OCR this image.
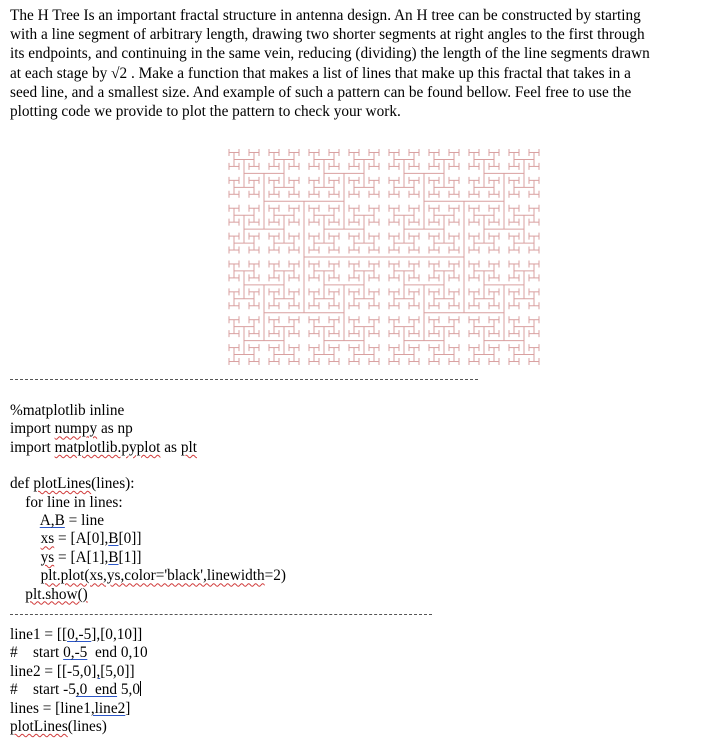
The H Tree Is an important fractal structure in antenna design. An H tree can be constructed by starting
with a line segment of arbitrary length, drawing two shorter segments at right angles to the first through
its endpoints, and continuing in the same vein, reducing (dividing) the length of the line segments drawn
at each stage by √2 . Make a function that makes a list of lines that make up this fractal that takes in a
seed line, and a smallest size. And example of such a pattern can be found bellow. Feel free to use the
plotting code we provide to plot the pattern to check your work.
%matplotlib inline
import numpy as np
import matplotlib.pyplot as plt
def plotLines(lines):
for line in lines:
A,B = line
xs = [A[0],B[0]]
ys = [A[1],B[1]]
plt.plot(xs,ys,color='black',linewidth=2)
plt.show()
line1 = [[0,-5],[0,10]]
#    start 0,-5  end 0,10
line2 = [[-5,0],[5,0]]
#    start -5,0  end 5,0
lines = [line1,line2]
plotLines(lines)
